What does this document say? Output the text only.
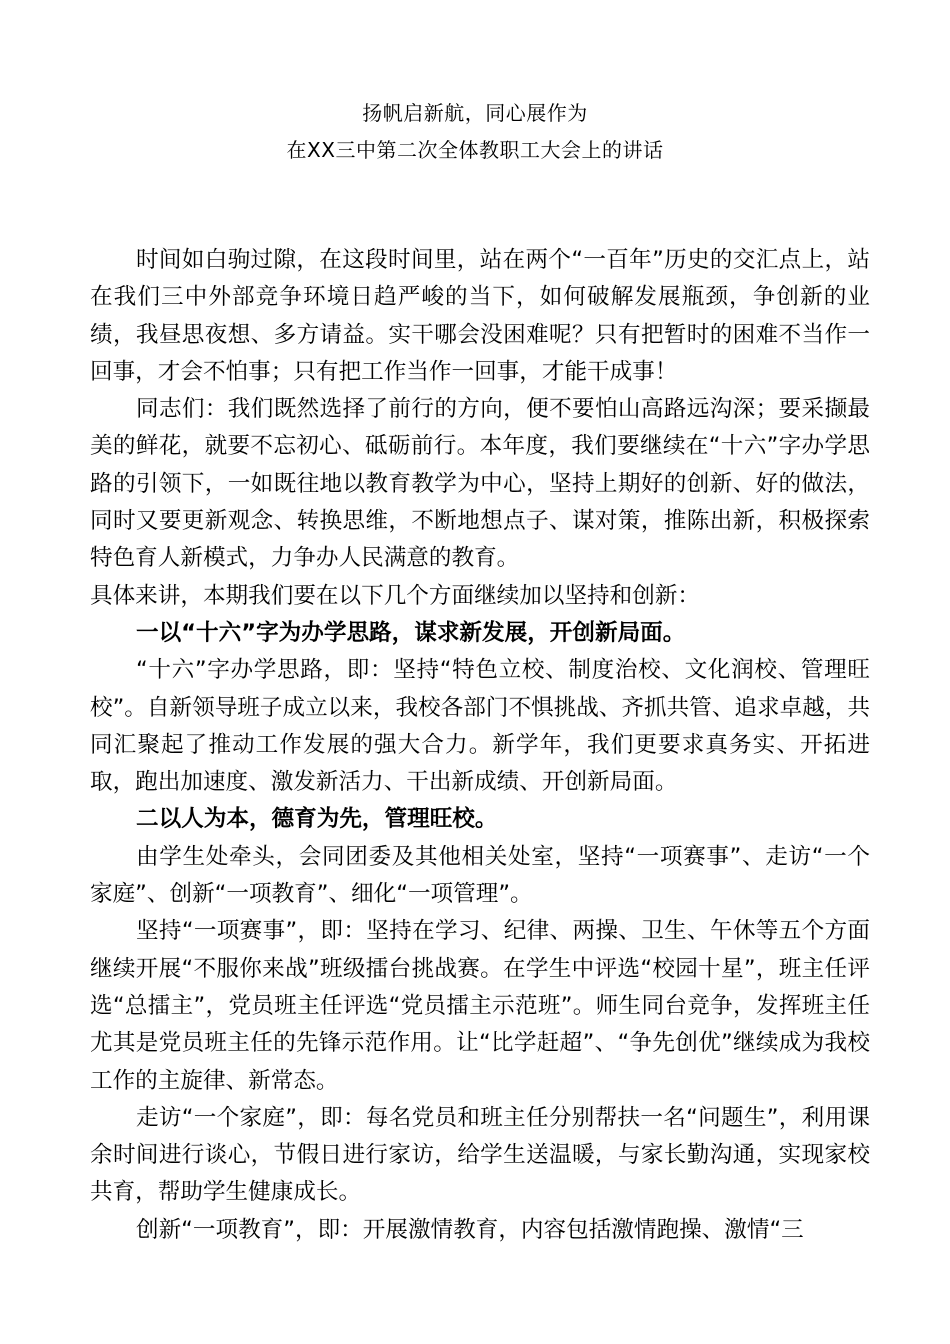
扬帆启新航，同心展作为
在XX三中第二次全体教职工大会上的讲话

时间如白驹过隙，在这段时间里，站在两个“一百年”历史的交汇点上，站在我们三中外部竞争环境日趋严峻的当下，如何破解发展瓶颈，争创新的业绩，我昼思夜想、多方请益。实干哪会没困难呢？只有把暂时的困难不当作一回事，才会不怕事；只有把工作当作一回事，才能干成事！

同志们：我们既然选择了前行的方向，便不要怕山高路远沟深；要采撷最美的鲜花，就要不忘初心、砥砺前行。本年度，我们要继续在“十六”字办学思路的引领下，一如既往地以教育教学为中心，坚持上期好的创新、好的做法，同时又要更新观念、转换思维，不断地想点子、谋对策，推陈出新，积极探索特色育人新模式，力争办人民满意的教育。

具体来讲，本期我们要在以下几个方面继续加以坚持和创新：

一以“十六”字为办学思路，谋求新发展，开创新局面。

“十六”字办学思路，即：坚持“特色立校、制度治校、文化润校、管理旺校”。自新领导班子成立以来，我校各部门不惧挑战、齐抓共管、追求卓越，共同汇聚起了推动工作发展的强大合力。新学年，我们更要求真务实、开拓进取，跑出加速度、激发新活力、干出新成绩、开创新局面。

二以人为本，德育为先，管理旺校。

由学生处牵头，会同团委及其他相关处室，坚持“一项赛事”、走访“一个家庭”、创新“一项教育”、细化“一项管理”。

坚持“一项赛事”，即：坚持在学习、纪律、两操、卫生、午休等五个方面继续开展“不服你来战”班级擂台挑战赛。在学生中评选“校园十星”，班主任评选“总擂主”，党员班主任评选“党员擂主示范班”。师生同台竞争，发挥班主任尤其是党员班主任的先锋示范作用。让“比学赶超”、“争先创优”继续成为我校工作的主旋律、新常态。

走访“一个家庭”，即：每名党员和班主任分别帮扶一名“问题生”，利用课余时间进行谈心，节假日进行家访，给学生送温暖，与家长勤沟通，实现家校共育，帮助学生健康成长。

创新“一项教育”，即：开展激情教育，内容包括激情跑操、激情“三
